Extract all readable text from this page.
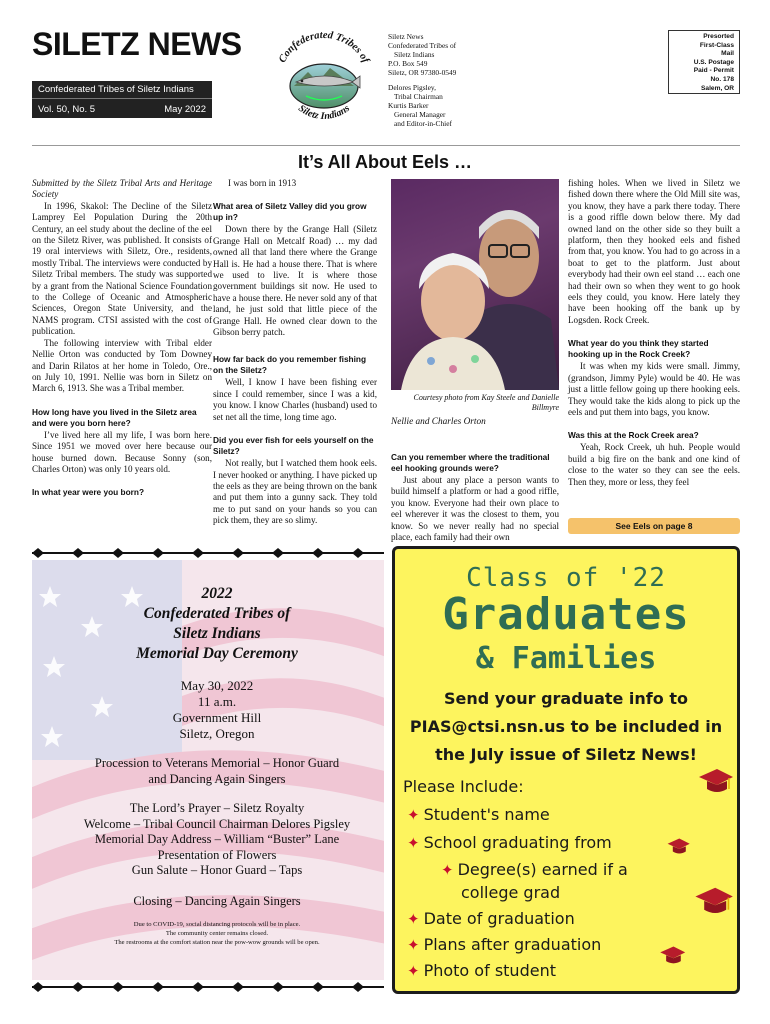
SILETZ NEWS
Confederated Tribes of Siletz Indians
Vol. 50, No. 5	May 2022
Confederated Tribes of
Siletz Indians
Siletz News
Confederated Tribes of
Siletz Indians
P.O. Box 549
Siletz, OR 97380-0549
Delores Pigsley,
Tribal Chairman
Kurtis Barker
General Manager
and Editor-in-Chief
Presorted
First-Class
Mail
U.S. Postage
Paid - Permit
No. 178
Salem, OR
It’s All About Eels …

Submitted by the Siletz Tribal Arts and Heritage Society

In 1996, Skakol: The Decline of the Siletz Lamprey Eel Population During the 20th Century, an eel study about the decline of the eel on the Siletz River, was published. It consists of 19 oral interviews with Siletz, Ore., residents, mostly Tribal. The interviews were conducted by Siletz Tribal members. The study was supported by a grant from the National Science Foundation to the College of Oceanic and Atmospheric Sciences, Oregon State University, and the NAMS program. CTSI assisted with the cost of publication.

The following interview with Tribal elder Nellie Orton was conducted by Tom Downey and Darin Rilatos at her home in Toledo, Ore., on July 10, 1991. Nellie was born in Siletz on March 6, 1913. She was a Tribal member.

How long have you lived in the Siletz area and were you born here?

I’ve lived here all my life, I was born here. Since 1951 we moved over here because our house burned down. Because Sonny (son, Charles Orton) was only 10 years old.

In what year were you born?

I was born in 1913

What area of Siletz Valley did you grow up in?

Down there by the Grange Hall (Siletz Grange Hall on Metcalf Road) … my dad owned all that land there where the Grange Hall is. He had a house there. That is where we used to live. It is where those government buildings sit now. He used to have a house there. He never sold any of that land, he just sold that little piece of the Grange Hall. He owned clear down to the Gibson berry patch.

How far back do you remember fishing on the Siletz?

Well, I know I have been fishing ever since I could remember, since I was a kid, you know. I know Charles (husband) used to set net all the time, long time ago.

Did you ever fish for eels yourself on the Siletz?

Not really, but I watched them hook eels. I never hooked or anything. I have picked up the eels as they are being thrown on the bank and put them into a gunny sack. They told me to put sand on your hands so you can pick them, they are so slimy.

Courtesy photo from Kay Steele and Danielle Billmyre
Nellie and Charles Orton

Can you remember where the traditional eel hooking grounds were?

Just about any place a person wants to build himself a platform or had a good riffle, you know. Everyone had their own place to eel wherever it was the closest to them, you know. So we never really had no special place, each family had their own

fishing holes. When we lived in Siletz we fished down there where the Old Mill site was, you know, they have a park there today. There is a good riffle down below there. My dad owned land on the other side so they built a platform, then they hooked eels and fished from that, you know. You had to go across in a boat to get to the platform. Just about everybody had their own eel stand … each one had their own so when they went to go hook eels they could, you know. Here lately they have been hooking off the bank up by Logsden. Rock Creek.

What year do you think they started hooking up in the Rock Creek?

It was when my kids were small. Jimmy, (grandson, Jimmy Pyle) would be 40. He was just a little fellow going up there hooking eels. They would take the kids along to pick up the eels and put them into bags, you know.

Was this at the Rock Creek area?

Yeah, Rock Creek, uh huh. People would build a big fire on the bank and one kind of close to the water so they can see the eels. Then they, more or less, they feel

See Eels on page 8
2022
Confederated Tribes of
Siletz Indians
Memorial Day Ceremony
May 30, 2022
11 a.m.
Government Hill
Siletz, Oregon
Procession to Veterans Memorial – Honor Guard
and Dancing Again Singers
The Lord’s Prayer – Siletz Royalty
Welcome – Tribal Council Chairman Delores Pigsley
Memorial Day Address – William “Buster” Lane
Presentation of Flowers
Gun Salute – Honor Guard – Taps
Closing – Dancing Again Singers
Due to COVID-19, social distancing protocols will be in place.
The community center remains closed.
The restrooms at the comfort station near the pow-wow grounds will be open.
Class of '22
Graduates
& Families
Send your graduate info to
PIAS@ctsi.nsn.us to be included in
the July issue of Siletz News!
Please Include:
✦ Student's name
✦ School graduating from
✦ Degree(s) earned if a
college grad
✦ Date of graduation
✦ Plans after graduation
✦ Photo of student
